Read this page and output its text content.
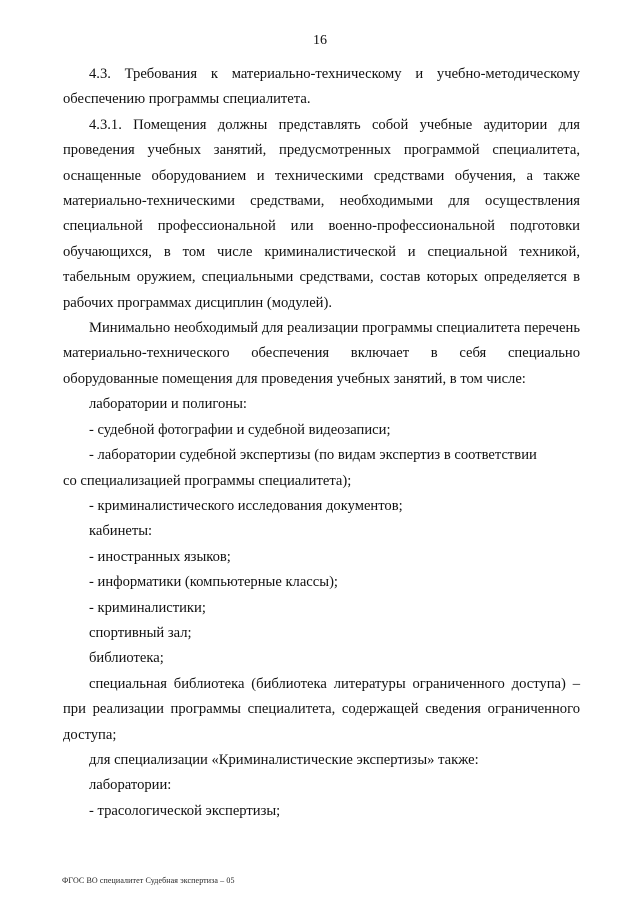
16

4.3. Требования к материально-техническому и учебно-методическому обеспечению программы специалитета.

4.3.1. Помещения должны представлять собой учебные аудитории для проведения учебных занятий, предусмотренных программой специалитета, оснащенные оборудованием и техническими средствами обучения, а также материально-техническими средствами, необходимыми для осуществления специальной профессиональной или военно-профессиональной подготовки обучающихся, в том числе криминалистической и специальной техникой, табельным оружием, специальными средствами, состав которых определяется в рабочих программах дисциплин (модулей).

Минимально необходимый для реализации программы специалитета перечень материально-технического обеспечения включает в себя специально оборудованные помещения для проведения учебных занятий, в том числе:

лаборатории и полигоны:

- судебной фотографии и судебной видеозаписи;

- лаборатории судебной экспертизы (по видам экспертиз в соответствии

со специализацией программы специалитета);

- криминалистического исследования документов;

кабинеты:

- иностранных языков;

- информатики (компьютерные классы);

- криминалистики;

спортивный зал;

библиотека;

специальная библиотека (библиотека литературы ограниченного доступа) – при реализации программы специалитета, содержащей сведения ограниченного доступа;

для специализации «Криминалистические экспертизы» также:

лаборатории:

- трасологической экспертизы;

ФГОС ВО специалитет Судебная экспертиза – 05
